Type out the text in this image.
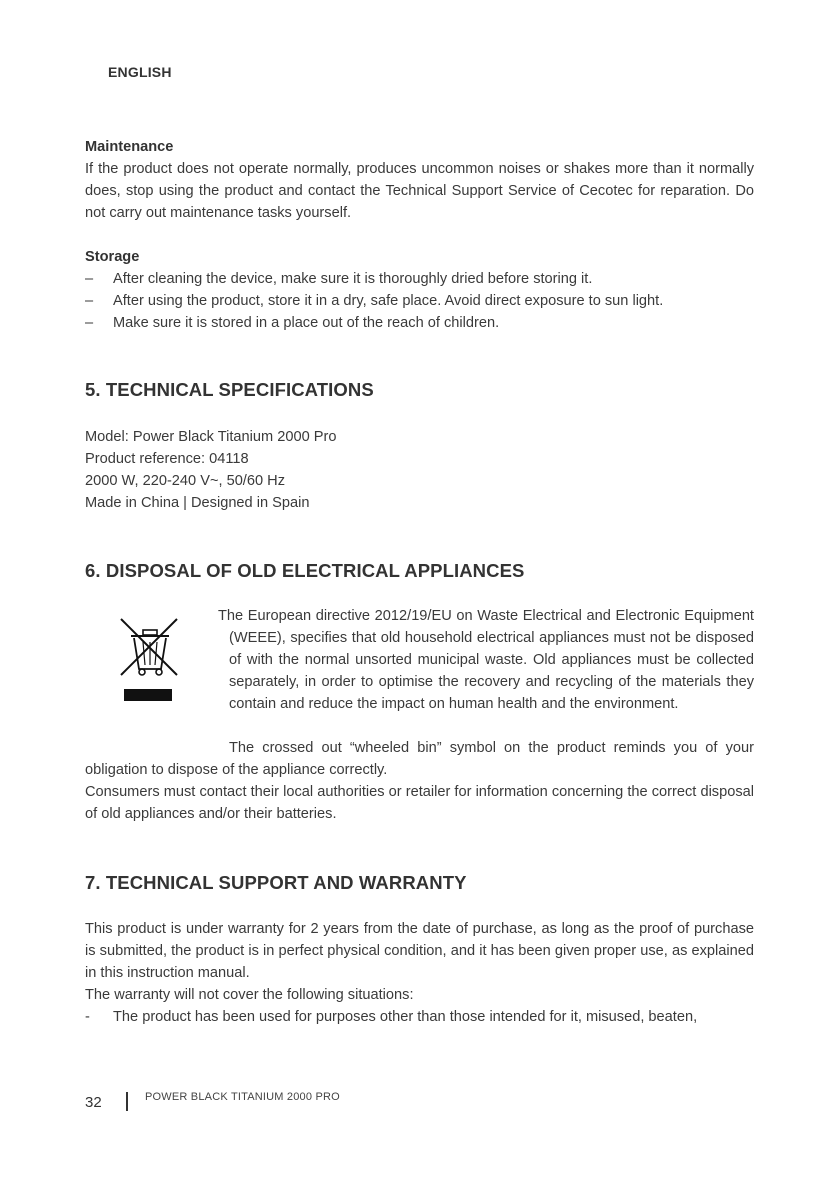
ENGLISH
Maintenance
If the product does not operate normally, produces uncommon noises or shakes more than it normally does, stop using the product and contact the Technical Support Service of Cecotec for reparation. Do not carry out maintenance tasks yourself.
Storage
– After cleaning the device, make sure it is thoroughly dried before storing it.
– After using the product, store it in a dry, safe place. Avoid direct exposure to sun light.
– Make sure it is stored in a place out of the reach of children.
5. TECHNICAL SPECIFICATIONS
Model: Power Black Titanium 2000 Pro
Product reference: 04118
2000 W, 220-240 V~, 50/60 Hz
Made in China | Designed in Spain
6. DISPOSAL OF OLD ELECTRICAL APPLIANCES
The European directive 2012/19/EU on Waste Electrical and Electronic Equipment (WEEE), specifies that old household electrical appliances must not be disposed of with the normal unsorted municipal waste. Old appliances must be collected separately, in order to optimise the recovery and recycling of the materials they contain and reduce the impact on human health and the environment.
The crossed out “wheeled bin” symbol on the product reminds you of your obligation to dispose of the appliance correctly.
Consumers must contact their local authorities or retailer for information concerning the correct disposal of old appliances and/or their batteries.
7. TECHNICAL SUPPORT AND WARRANTY
This product is under warranty for 2 years from the date of purchase, as long as the proof of purchase is submitted, the product is in perfect physical condition, and it has been given proper use, as explained in this instruction manual.
The warranty will not cover the following situations:
- The product has been used for purposes other than those intended for it, misused, beaten,
32	POWER BLACK TITANIUM 2000 PRO
